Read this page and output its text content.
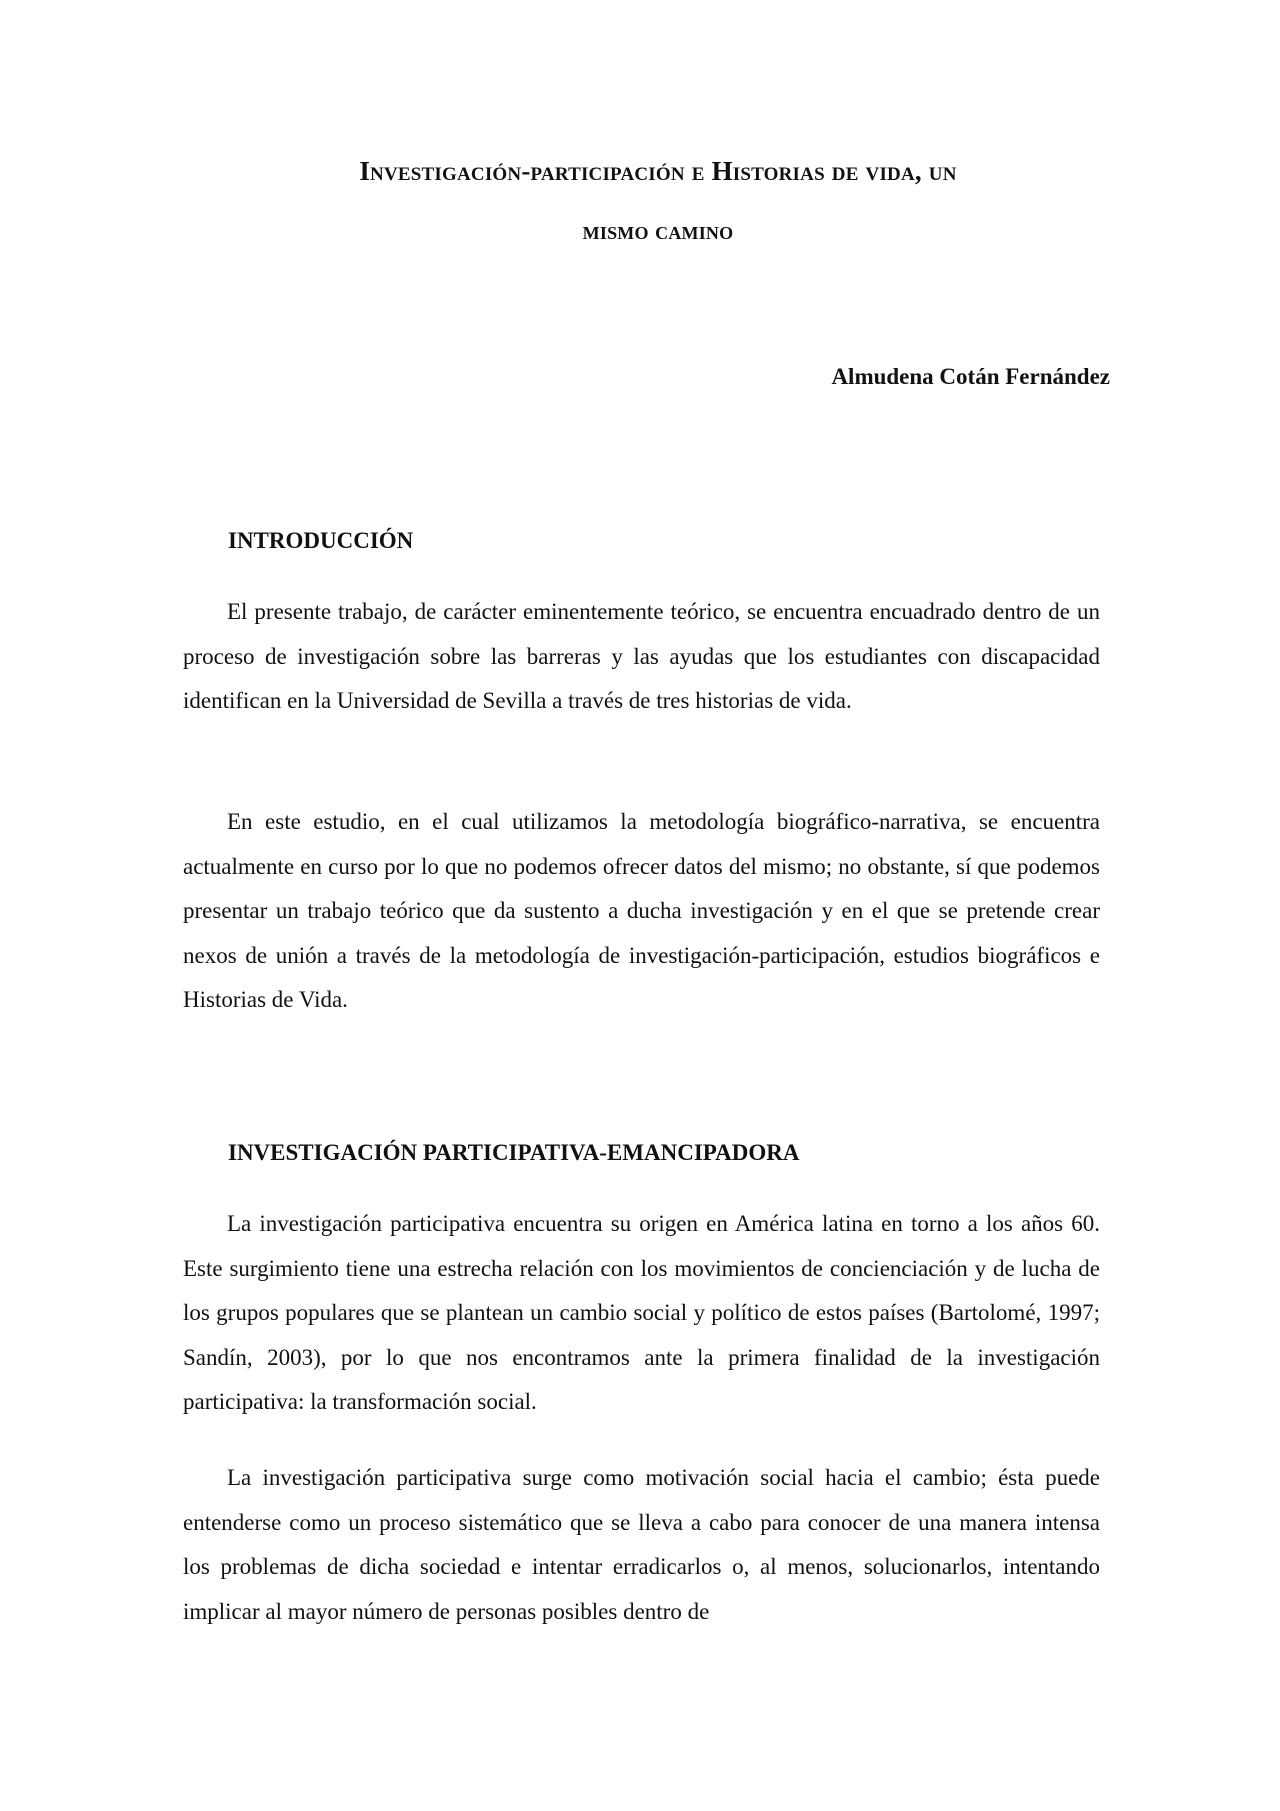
Investigación-participación e Historias de vida, un
mismo camino

Almudena Cotán Fernández

INTRODUCCIÓN

El presente trabajo, de carácter eminentemente teórico, se encuentra encuadrado dentro de un proceso de investigación sobre las barreras y las ayudas que los estudiantes con discapacidad identifican en la Universidad de Sevilla a través de tres historias de vida.

En este estudio, en el cual utilizamos la metodología biográfico-narrativa, se encuentra actualmente en curso por lo que no podemos ofrecer datos del mismo; no obstante, sí que podemos presentar un trabajo teórico que da sustento a ducha investigación y en el que se pretende crear nexos de unión a través de la metodología de investigación-participación, estudios biográficos e Historias de Vida.

INVESTIGACIÓN PARTICIPATIVA-EMANCIPADORA

La investigación participativa encuentra su origen en América latina en torno a los años 60. Este surgimiento tiene una estrecha relación con los movimientos de concienciación y de lucha de los grupos populares que se plantean un cambio social y político de estos países (Bartolomé, 1997; Sandín, 2003), por lo que nos encontramos ante la primera finalidad de la investigación participativa: la transformación social.

La investigación participativa surge como motivación social hacia el cambio; ésta puede entenderse como un proceso sistemático que se lleva a cabo para conocer de una manera intensa los problemas de dicha sociedad e intentar erradicarlos o, al menos, solucionarlos, intentando implicar al mayor número de personas posibles dentro de
